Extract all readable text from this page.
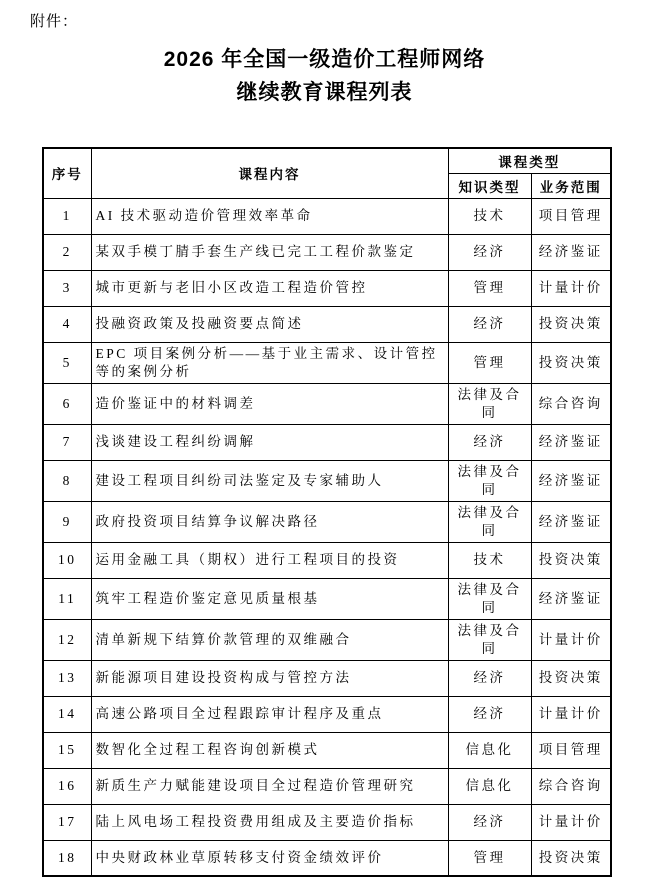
附件：
2026 年全国一级造价工程师网络
继续教育课程列表
序号	课程内容	课程类型	
		知识类型	业务范围
1	AI 技术驱动造价管理效率革命	技术	项目管理
2	某双手模丁腈手套生产线已完工工程价款鉴定	经济	经济鉴证
3	城市更新与老旧小区改造工程造价管控	管理	计量计价
4	投融资政策及投融资要点简述	经济	投资决策
5	EPC 项目案例分析——基于业主需求、设计管控等的案例分析	管理	投资决策
6	造价鉴证中的材料调差	法律及合同	综合咨询
7	浅谈建设工程纠纷调解	经济	经济鉴证
8	建设工程项目纠纷司法鉴定及专家辅助人	法律及合同	经济鉴证
9	政府投资项目结算争议解决路径	法律及合同	经济鉴证
10	运用金融工具（期权）进行工程项目的投资	技术	投资决策
11	筑牢工程造价鉴定意见质量根基	法律及合同	经济鉴证
12	清单新规下结算价款管理的双维融合	法律及合同	计量计价
13	新能源项目建设投资构成与管控方法	经济	投资决策
14	高速公路项目全过程跟踪审计程序及重点	经济	计量计价
15	数智化全过程工程咨询创新模式	信息化	项目管理
16	新质生产力赋能建设项目全过程造价管理研究	信息化	综合咨询
17	陆上风电场工程投资费用组成及主要造价指标	经济	计量计价
18	中央财政林业草原转移支付资金绩效评价	管理	投资决策
